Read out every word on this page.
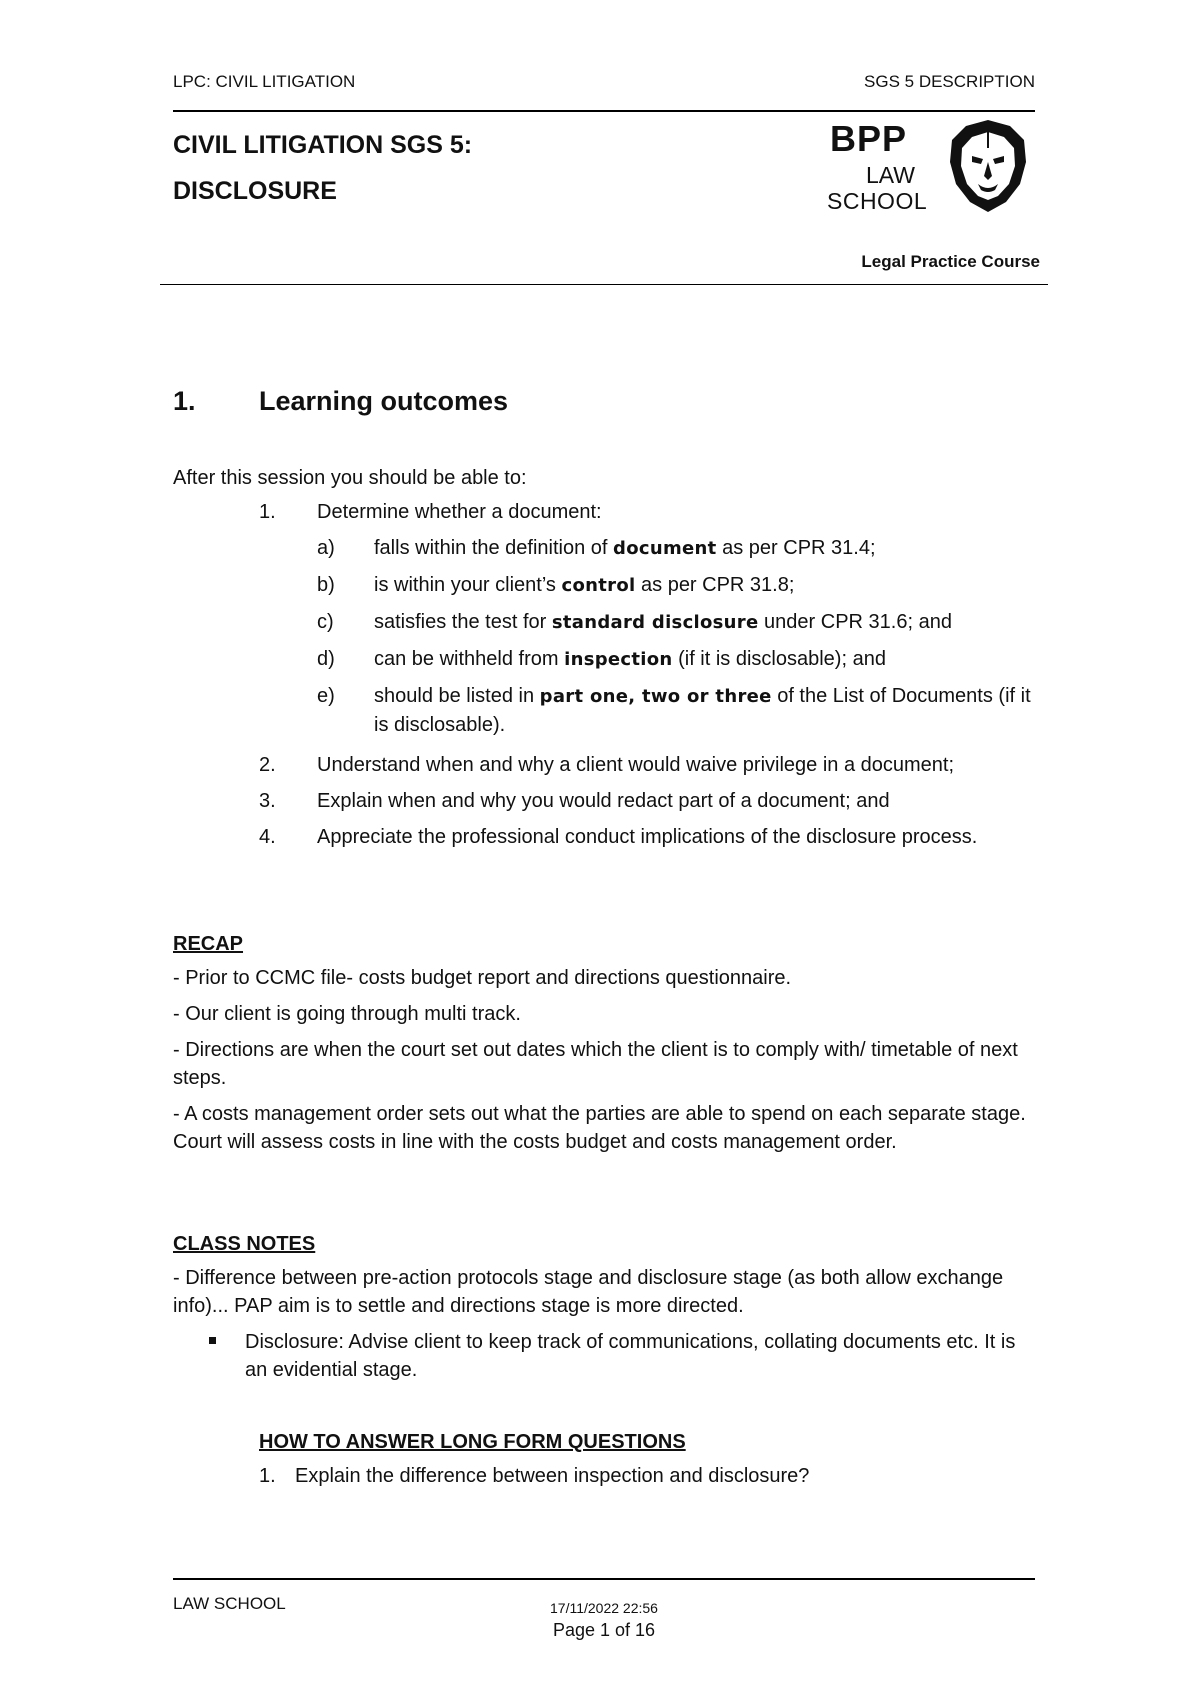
LPC: CIVIL LITIGATION	SGS 5 DESCRIPTION
CIVIL LITIGATION SGS 5:
DISCLOSURE
BPP
LAW
SCHOOL
Legal Practice Course
1. Learning outcomes
After this session you should be able to:
1. Determine whether a document:
a) falls within the definition of document as per CPR 31.4;
b) is within your client’s control as per CPR 31.8;
c) satisfies the test for standard disclosure under CPR 31.6; and
d) can be withheld from inspection (if it is disclosable); and
e) should be listed in part one, two or three of the List of Documents (if it is disclosable).
2. Understand when and why a client would waive privilege in a document;
3. Explain when and why you would redact part of a document; and
4. Appreciate the professional conduct implications of the disclosure process.
RECAP
- Prior to CCMC file- costs budget report and directions questionnaire.
- Our client is going through multi track.
- Directions are when the court set out dates which the client is to comply with/ timetable of next steps.
- A costs management order sets out what the parties are able to spend on each separate stage. Court will assess costs in line with the costs budget and costs management order.
CLASS NOTES
- Difference between pre-action protocols stage and disclosure stage (as both allow exchange info)... PAP aim is to settle and directions stage is more directed.
Disclosure: Advise client to keep track of communications, collating documents etc. It is an evidential stage.
HOW TO ANSWER LONG FORM QUESTIONS
1. Explain the difference between inspection and disclosure?
LAW SCHOOL	17/11/2022 22:56
Page 1 of 16
